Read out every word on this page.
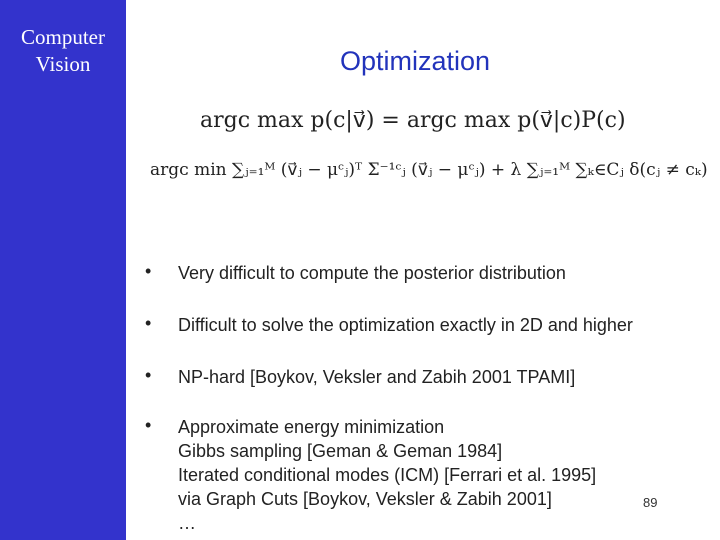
Computer
Vision	Optimization
argᴄ max p(c|v⃗) = argᴄ max p(v⃗|c)P(c)
argᴄ min ∑ⱼ₌₁ᴹ (v⃗ⱼ − μᶜⱼ)ᵀ Σ⁻¹ᶜⱼ (v⃗ⱼ − μᶜⱼ) + λ ∑ⱼ₌₁ᴹ ∑ₖ∈Cⱼ δ(cⱼ ≠ cₖ)
• Very difficult to compute the posterior distribution
• Difficult to solve the optimization exactly in 2D and higher
• NP-hard [Boykov, Veksler and Zabih 2001 TPAMI]
• Approximate energy minimization
Gibbs sampling [Geman & Geman 1984]
Iterated conditional modes (ICM) [Ferrari et al. 1995]
via Graph Cuts [Boykov, Veksler & Zabih 2001]
…
89
